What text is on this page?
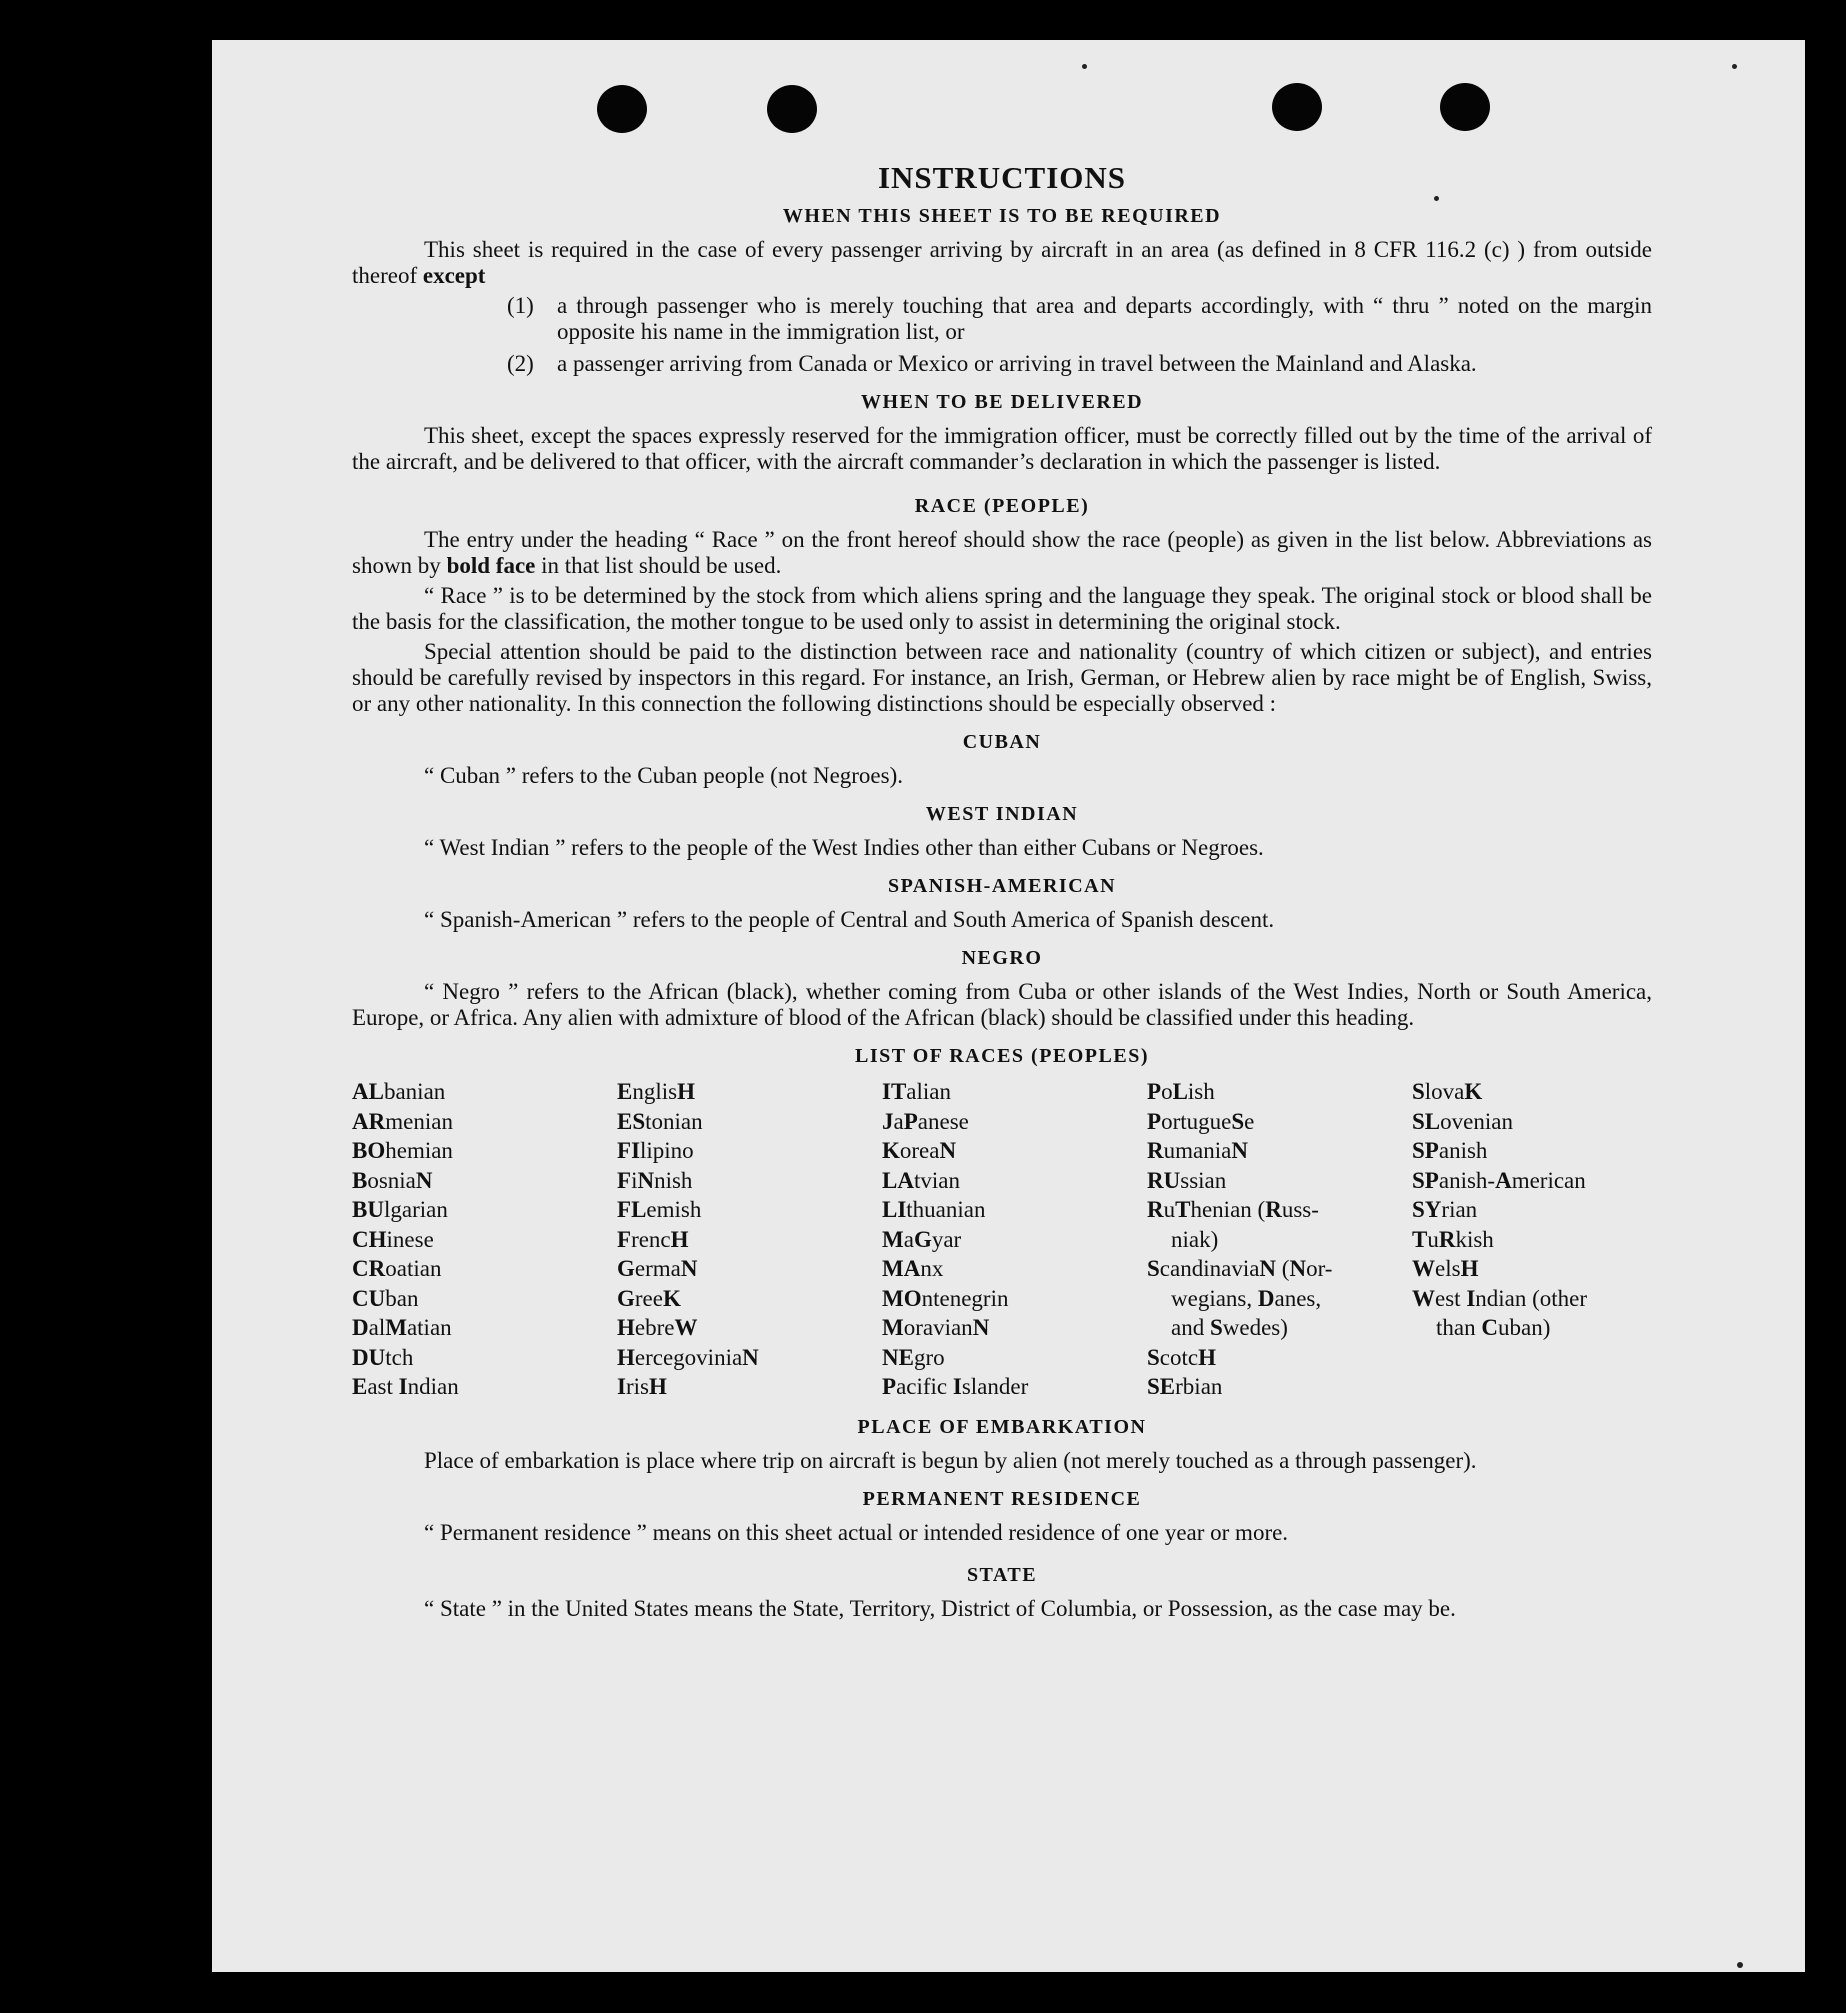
INSTRUCTIONS
WHEN THIS SHEET IS TO BE REQUIRED
This sheet is required in the case of every passenger arriving by aircraft in an area (as defined in 8 CFR 116.2 (c) ) from outside thereof except
(1)	a through passenger who is merely touching that area and departs accordingly, with “ thru ” noted on the margin opposite his name in the immigration list, or
(2)	a passenger arriving from Canada or Mexico or arriving in travel between the Mainland and Alaska.
WHEN TO BE DELIVERED
This sheet, except the spaces expressly reserved for the immigration officer, must be correctly filled out by the time of the arrival of the aircraft, and be delivered to that officer, with the aircraft commander’s declaration in which the passenger is listed.
RACE (PEOPLE)
The entry under the heading “ Race ” on the front hereof should show the race (people) as given in the list below. Abbreviations as shown by bold face in that list should be used.
“ Race ” is to be determined by the stock from which aliens spring and the language they speak. The original stock or blood shall be the basis for the classification, the mother tongue to be used only to assist in determining the original stock.
Special attention should be paid to the distinction between race and nationality (country of which citizen or subject), and entries should be carefully revised by inspectors in this regard. For instance, an Irish, German, or Hebrew alien by race might be of English, Swiss, or any other nationality. In this connection the following distinctions should be especially observed :
CUBAN
“ Cuban ” refers to the Cuban people (not Negroes).
WEST INDIAN
“ West Indian ” refers to the people of the West Indies other than either Cubans or Negroes.
SPANISH-AMERICAN
“ Spanish-American ” refers to the people of Central and South America of Spanish descent.
NEGRO
“ Negro ” refers to the African (black), whether coming from Cuba or other islands of the West Indies, North or South America, Europe, or Africa. Any alien with admixture of blood of the African (black) should be classified under this heading.
LIST OF RACES (PEOPLES)
ALbanian
ARmenian
BOhemian
BosniaN
BUlgarian
CHinese
CRoatian
CUban
DalMatian
DUtch
East Indian
EnglisH
EStonian
FIlipino
FiNnish
FLemish
FrencH
GermaN
GreeK
HebreW
HercegoviniaN
IrisH
ITalian
JaPanese
KoreaN
LAtvian
LIthuanian
MaGyar
MAnx
MOntenegrin
MoravianN
NEgro
Pacific Islander
PoLish
PortugueSe
RumaniaN
RUssian
RuThenian (Russ-
niak)
ScandinaviaN (Nor-
wegians, Danes,
and Swedes)
ScotcH
SErbian
SlovaK
SLovenian
SPanish
SPanish-American
SYrian
TuRkish
WelsH
West Indian (other
than Cuban)
PLACE OF EMBARKATION
Place of embarkation is place where trip on aircraft is begun by alien (not merely touched as a through passenger).
PERMANENT RESIDENCE
“ Permanent residence ” means on this sheet actual or intended residence of one year or more.
STATE
“ State ” in the United States means the State, Territory, District of Columbia, or Possession, as the case may be.
